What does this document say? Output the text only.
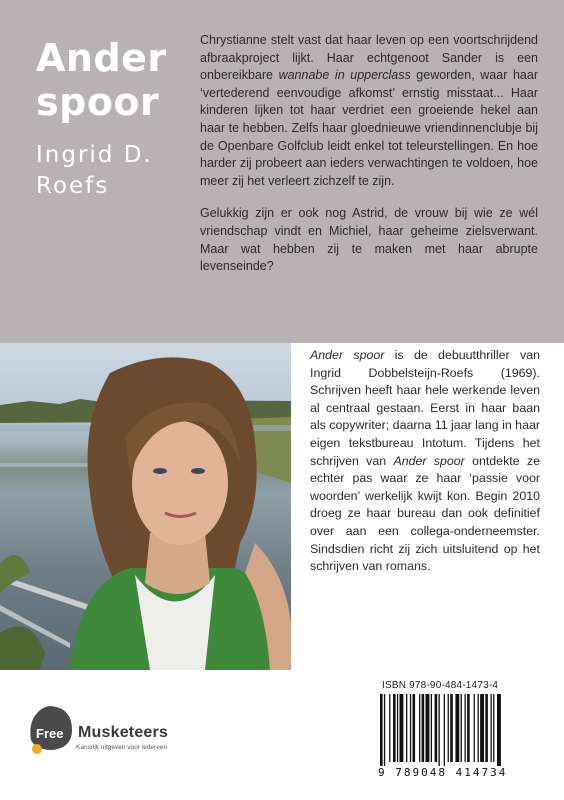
Ander
spoor
Ingrid D.
Roefs

Chrystianne stelt vast dat haar leven op een voortschrijdend afbraakproject lijkt. Haar echtgenoot Sander is een onbereikbare wannabe in upperclass geworden, waar haar ‘vertederend eenvoudige afkomst’ ernstig misstaat... Haar kinderen lijken tot haar verdriet een groeiende hekel aan haar te hebben. Zelfs haar gloednieuwe vriendinnenclubje bij de Openbare Golfclub leidt enkel tot teleurstellingen. En hoe harder zij probeert aan ieders verwachtingen te voldoen, hoe meer zij het verleert zichzelf te zijn.

Gelukkig zijn er ook nog Astrid, de vrouw bij wie ze wél vriendschap vindt en Michiel, haar geheime zielsverwant. Maar wat hebben zij te maken met haar abrupte levenseinde?

Ander spoor is de debuutthriller van Ingrid Dobbelsteijn-Roefs (1969). Schrijven heeft haar hele werkende leven al centraal gestaan. Eerst in haar baan als copywriter; daarna 11 jaar lang in haar eigen tekstbureau Intotum. Tijdens het schrijven van Ander spoor ontdekte ze echter pas waar ze haar ‘passie voor woorden’ werkelijk kwijt kon. Begin 2010 droeg ze haar bureau dan ook definitief over aan een collega-onderneemster. Sindsdien richt zij zich uitsluitend op het schrijven van romans.

Free Musketeers
Kansrijk uitgeven voor iedereen
ISBN 978-90-484-1473-4
9 789048 414734
